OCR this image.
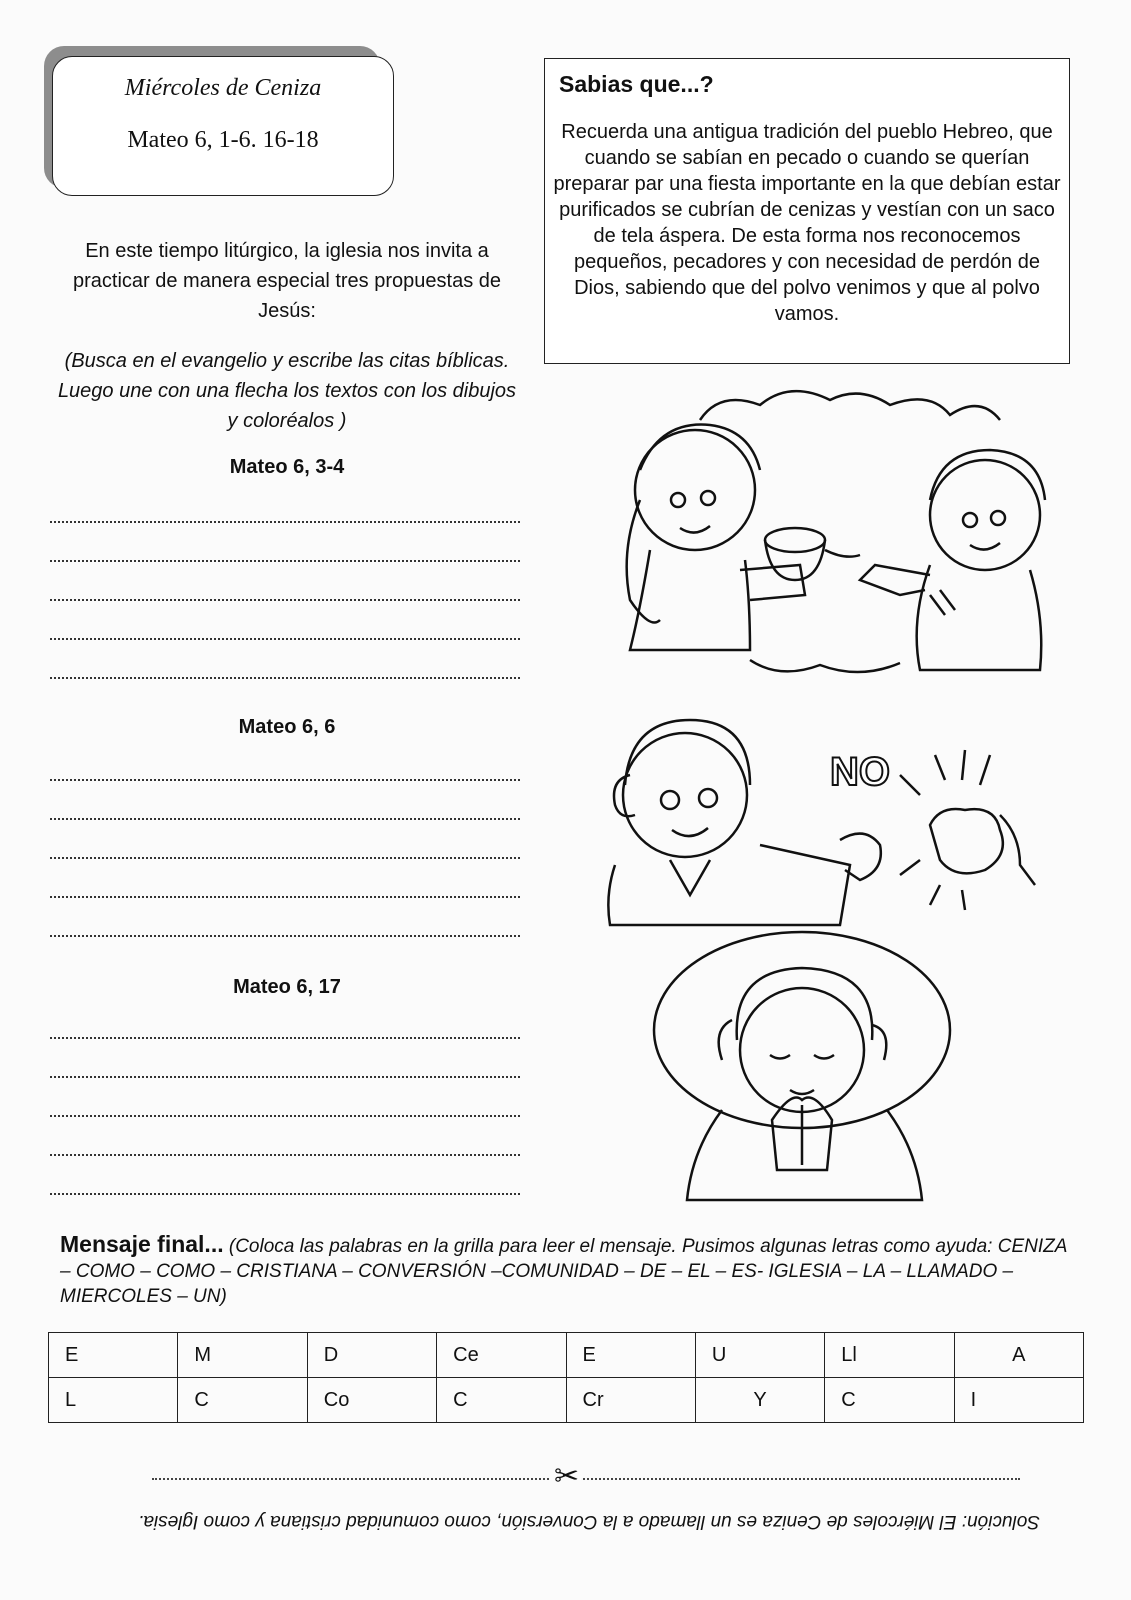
Miércoles de Ceniza
Mateo 6, 1-6. 16-18
Sabias que...?
Recuerda una antigua tradición del pueblo Hebreo, que cuando se sabían en pecado o cuando se querían preparar par una fiesta importante en la que debían estar purificados se cubrían de cenizas y vestían con un saco de tela áspera. De esta forma nos reconocemos pequeños, pecadores y con necesidad de perdón de Dios, sabiendo que del polvo venimos y que al polvo vamos.
En este tiempo litúrgico, la iglesia nos invita a practicar de manera especial tres propuestas de Jesús:
(Busca en el evangelio y escribe las citas bíblicas. Luego une con una flecha los textos con los dibujos y coloréalos )
Mateo 6, 3-4
Mateo 6, 6
Mateo 6, 17
NO
Mensaje final... (Coloca las palabras en la grilla para leer el mensaje. Pusimos algunas letras como ayuda: CENIZA – COMO – COMO – CRISTIANA – CONVERSIÓN –COMUNIDAD – DE – EL – ES- IGLESIA – LA – LLAMADO – MIERCOLES – UN)
E	M	D	Ce	E	U	Ll	A
L	C	Co	C	Cr	Y	C	I
✂
Solución: El Miércoles de Ceniza es un llamado a la Conversión, como comunidad cristiana y como Iglesia.
